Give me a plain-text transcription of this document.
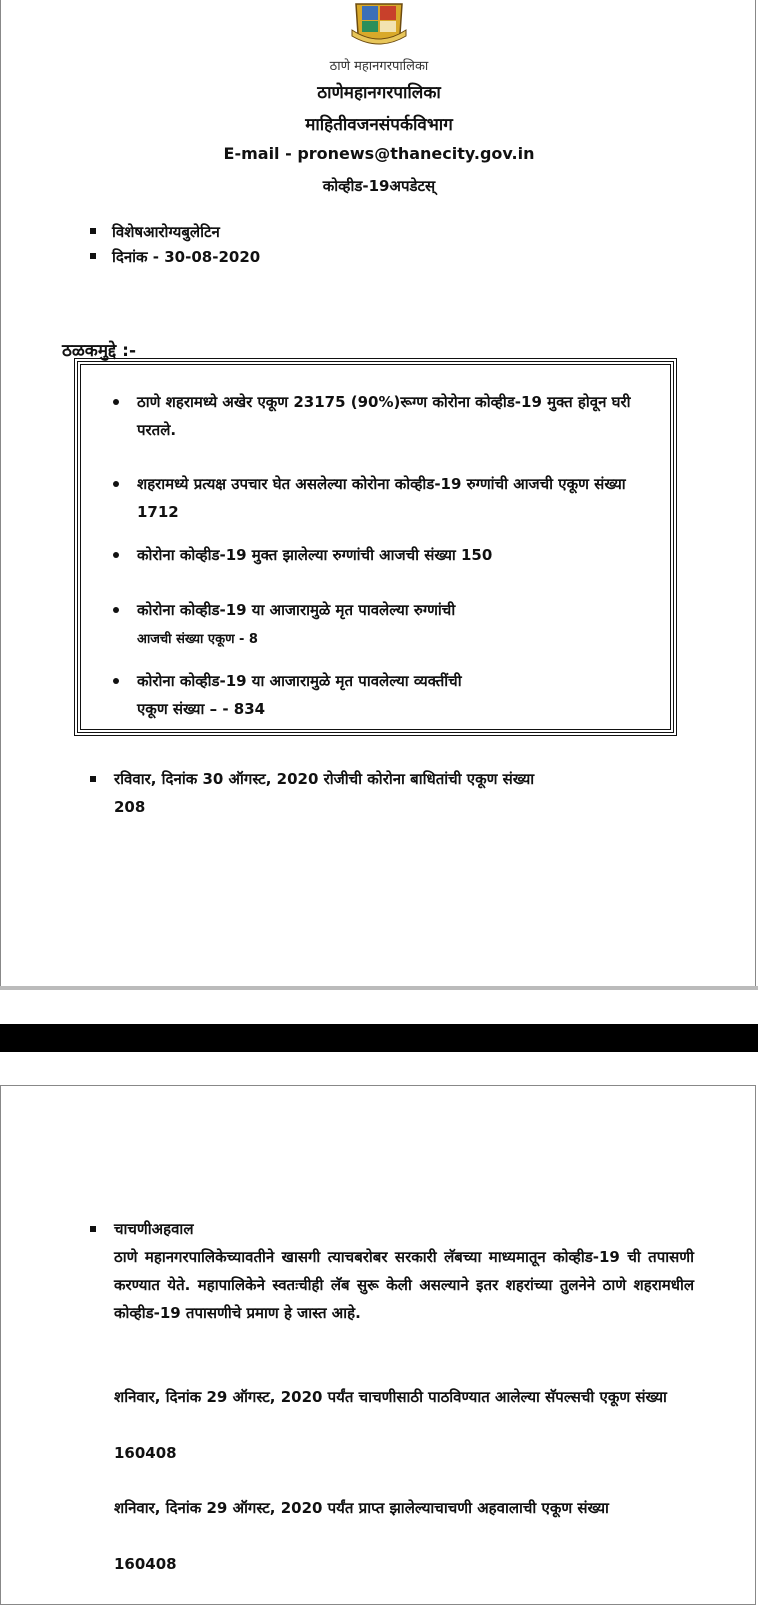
ठाणे महानगरपालिका
ठाणेमहानगरपालिका
माहितीवजनसंपर्कविभाग
E-mail - pronews@thanecity.gov.in
कोव्हीड-19अपडेटस्
विशेषआरोग्यबुलेटिन
दिनांक - 30-08-2020
ठळकमुद्दे :-
ठाणे शहरामध्ये अखेर एकूण 23175 (90%)रूग्ण कोरोना कोव्हीड-19 मुक्त होवून घरी परतले.
शहरामध्ये प्रत्यक्ष उपचार घेत असलेल्या कोरोना कोव्हीड-19 रुग्णांची आजची एकूण संख्या 1712
कोरोना कोव्हीड-19 मुक्त झालेल्या रुग्णांची आजची संख्या 150
कोरोना कोव्हीड-19 या आजारामुळे मृत पावलेल्या रुग्णांची
आजची संख्या एकूण - 8
कोरोना कोव्हीड-19 या आजारामुळे मृत पावलेल्या व्यक्तींची
एकूण संख्या – - 834
रविवार, दिनांक 30 ऑगस्ट, 2020 रोजीची कोरोना बाधितांची एकूण संख्या
208
चाचणीअहवाल
ठाणे महानगरपालिकेच्यावतीने खासगी त्याचबरोबर सरकारी लॅबच्या माध्यमातून कोव्हीड-19 ची तपासणी करण्यात येते. महापालिकेने स्वतःचीही लॅब सुरू केली असल्याने इतर शहरांच्या तुलनेने ठाणे शहरामधील कोव्हीड-19 तपासणीचे प्रमाण हे जास्त आहे.
शनिवार, दिनांक 29 ऑगस्ट, 2020 पर्यंत चाचणीसाठी पाठविण्यात आलेल्या सॅपल्सची एकूण संख्या
160408
शनिवार, दिनांक 29 ऑगस्ट, 2020 पर्यंत प्राप्त झालेल्याचाचणी अहवालाची एकूण संख्या
160408
